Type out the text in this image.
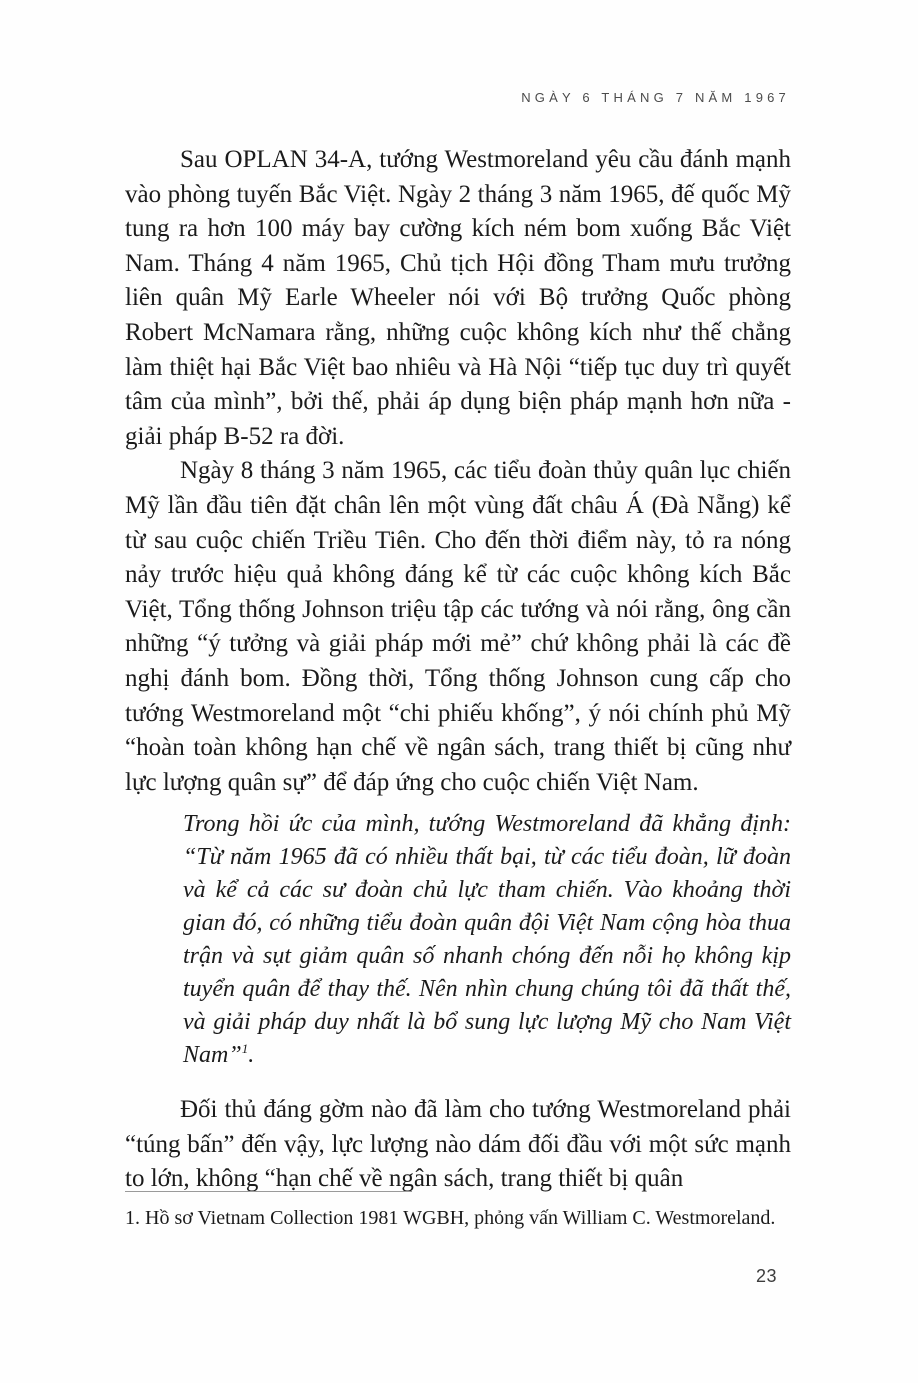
NGÀY 6 THÁNG 7 NĂM 1967

Sau OPLAN 34-A, tướng Westmoreland yêu cầu đánh mạnh vào phòng tuyến Bắc Việt. Ngày 2 tháng 3 năm 1965, đế quốc Mỹ tung ra hơn 100 máy bay cường kích ném bom xuống Bắc Việt Nam. Tháng 4 năm 1965, Chủ tịch Hội đồng Tham mưu trưởng liên quân Mỹ Earle Wheeler nói với Bộ trưởng Quốc phòng Robert McNamara rằng, những cuộc không kích như thế chẳng làm thiệt hại Bắc Việt bao nhiêu và Hà Nội “tiếp tục duy trì quyết tâm của mình”, bởi thế, phải áp dụng biện pháp mạnh hơn nữa - giải pháp B-52 ra đời.

Ngày 8 tháng 3 năm 1965, các tiểu đoàn thủy quân lục chiến Mỹ lần đầu tiên đặt chân lên một vùng đất châu Á (Đà Nẵng) kể từ sau cuộc chiến Triều Tiên. Cho đến thời điểm này, tỏ ra nóng nảy trước hiệu quả không đáng kể từ các cuộc không kích Bắc Việt, Tổng thống Johnson triệu tập các tướng và nói rằng, ông cần những “ý tưởng và giải pháp mới mẻ” chứ không phải là các đề nghị đánh bom. Đồng thời, Tổng thống Johnson cung cấp cho tướng Westmoreland một “chi phiếu khống”, ý nói chính phủ Mỹ “hoàn toàn không hạn chế về ngân sách, trang thiết bị cũng như lực lượng quân sự” để đáp ứng cho cuộc chiến Việt Nam.

Trong hồi ức của mình, tướng Westmoreland đã khẳng định: “Từ năm 1965 đã có nhiều thất bại, từ các tiểu đoàn, lữ đoàn và kể cả các sư đoàn chủ lực tham chiến. Vào khoảng thời gian đó, có những tiểu đoàn quân đội Việt Nam cộng hòa thua trận và sụt giảm quân số nhanh chóng đến nỗi họ không kịp tuyển quân để thay thế. Nên nhìn chung chúng tôi đã thất thế, và giải pháp duy nhất là bổ sung lực lượng Mỹ cho Nam Việt Nam”$^1$.

Đối thủ đáng gờm nào đã làm cho tướng Westmoreland phải “túng bấn” đến vậy, lực lượng nào dám đối đầu với một sức mạnh to lớn, không “hạn chế về ngân sách, trang thiết bị quân

1. Hồ sơ Vietnam Collection 1981 WGBH, phỏng vấn William C. Westmoreland.

23
